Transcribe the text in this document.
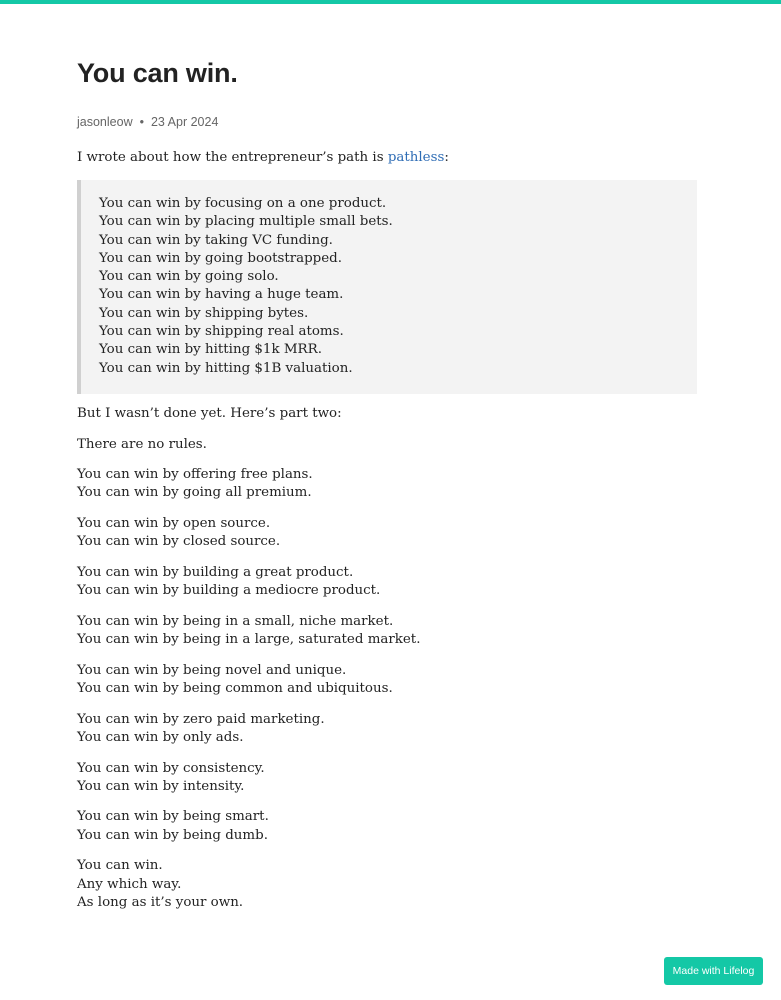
You can win.
jasonleow • 23 Apr 2024

I wrote about how the entrepreneur’s path is pathless:

You can win by focusing on a one product.
You can win by placing multiple small bets.
You can win by taking VC funding.
You can win by going bootstrapped.
You can win by going solo.
You can win by having a huge team.
You can win by shipping bytes.
You can win by shipping real atoms.
You can win by hitting $1k MRR.
You can win by hitting $1B valuation.

But I wasn’t done yet. Here’s part two:

There are no rules.

You can win by offering free plans.
You can win by going all premium.

You can win by open source.
You can win by closed source.

You can win by building a great product.
You can win by building a mediocre product.

You can win by being in a small, niche market.
You can win by being in a large, saturated market.

You can win by being novel and unique.
You can win by being common and ubiquitous.

You can win by zero paid marketing.
You can win by only ads.

You can win by consistency.
You can win by intensity.

You can win by being smart.
You can win by being dumb.

You can win.
Any which way.
As long as it’s your own.

Made with Lifelog
